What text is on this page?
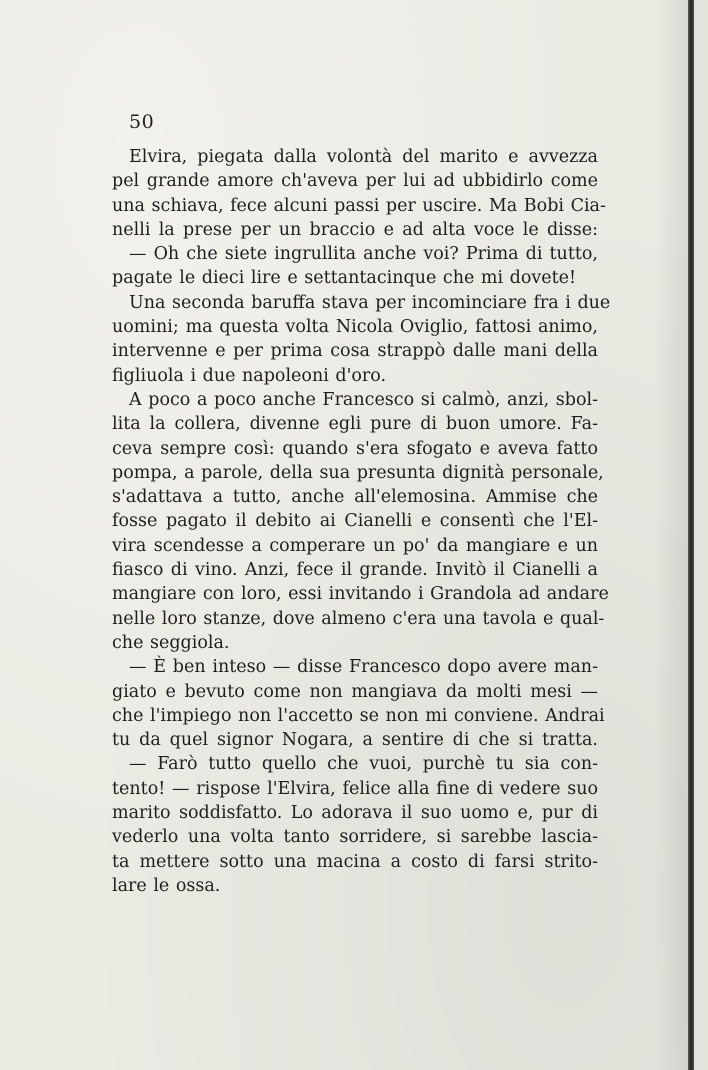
50
Elvira, piegata dalla volontà del marito e avvezza
pel grande amore ch'aveva per lui ad ubbidirlo come
una schiava, fece alcuni passi per uscire. Ma Bobi Cia-
nelli la prese per un braccio e ad alta voce le disse:
— Oh che siete ingrullita anche voi? Prima di tutto,
pagate le dieci lire e settantacinque che mi dovete!
Una seconda baruffa stava per incominciare fra i due
uomini; ma questa volta Nicola Oviglio, fattosi animo,
intervenne e per prima cosa strappò dalle mani della
figliuola i due napoleoni d'oro.
A poco a poco anche Francesco si calmò, anzi, sbol-
lita la collera, divenne egli pure di buon umore. Fa-
ceva sempre così: quando s'era sfogato e aveva fatto
pompa, a parole, della sua presunta dignità personale,
s'adattava a tutto, anche all'elemosina. Ammise che
fosse pagato il debito ai Cianelli e consentì che l'El-
vira scendesse a comperare un po' da mangiare e un
fiasco di vino. Anzi, fece il grande. Invitò il Cianelli a
mangiare con loro, essi invitando i Grandola ad andare
nelle loro stanze, dove almeno c'era una tavola e qual-
che seggiola.
— È ben inteso — disse Francesco dopo avere man-
giato e bevuto come non mangiava da molti mesi —
che l'impiego non l'accetto se non mi conviene. Andrai
tu da quel signor Nogara, a sentire di che si tratta.
— Farò tutto quello che vuoi, purchè tu sia con-
tento! — rispose l'Elvira, felice alla fine di vedere suo
marito soddisfatto. Lo adorava il suo uomo e, pur di
vederlo una volta tanto sorridere, si sarebbe lascia-
ta mettere sotto una macina a costo di farsi strito-
lare le ossa.
